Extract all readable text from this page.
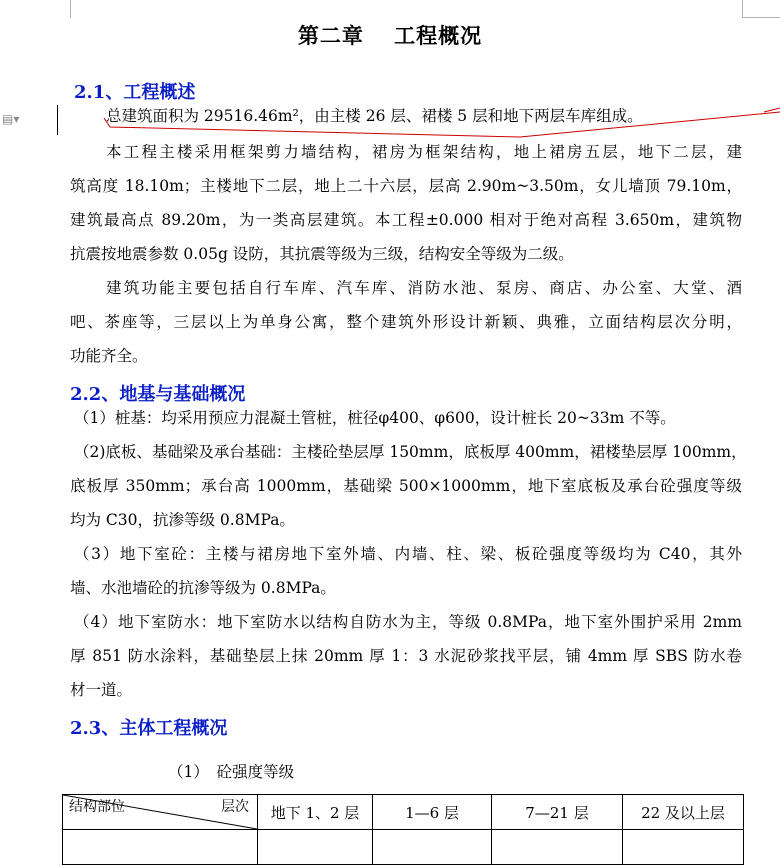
▤▾
第二章　 工程概况
2.1、工程概述
总建筑面积为 29516.46m²，由主楼 26 层、裙楼 5 层和地下两层车库组成。
本工程主楼采用框架剪力墙结构，裙房为框架结构，地上裙房五层，地下二层，建
筑高度 18.10m；主楼地下二层，地上二十六层，层高 2.90m~3.50m，女儿墙顶 79.10m，
建筑最高点 89.20m，为一类高层建筑。本工程±0.000 相对于绝对高程 3.650m，建筑物
抗震按地震参数 0.05g 设防，其抗震等级为三级，结构安全等级为二级。
建筑功能主要包括自行车库、汽车库、消防水池、泵房、商店、办公室、大堂、酒
吧、茶座等，三层以上为单身公寓，整个建筑外形设计新颖、典雅，立面结构层次分明，
功能齐全。
2.2、地基与基础概况
（1）桩基：均采用预应力混凝土管桩，桩径φ400、φ600，设计桩长 20~33m 不等。
（2)底板、基础梁及承台基础：主楼砼垫层厚 150mm，底板厚 400mm，裙楼垫层厚 100mm，
底板厚 350mm；承台高 1000mm，基础梁 500×1000mm，地下室底板及承台砼强度等级
均为 C30，抗渗等级 0.8MPa。
（3）地下室砼：主楼与裙房地下室外墙、内墙、柱、梁、板砼强度等级均为 C40，其外
墙、水池墙砼的抗渗等级为 0.8MPa。
（4）地下室防水：地下室防水以结构自防水为主，等级 0.8MPa，地下室外围护采用 2mm
厚 851 防水涂料，基础垫层上抹 20mm 厚 1：3 水泥砂浆找平层，铺 4mm 厚 SBS 防水卷
材一道。
2.3、主体工程概况
（1）　砼强度等级
结构部位 层次	地下 1、2 层	1—6 层	7—21 层	22 及以上层
